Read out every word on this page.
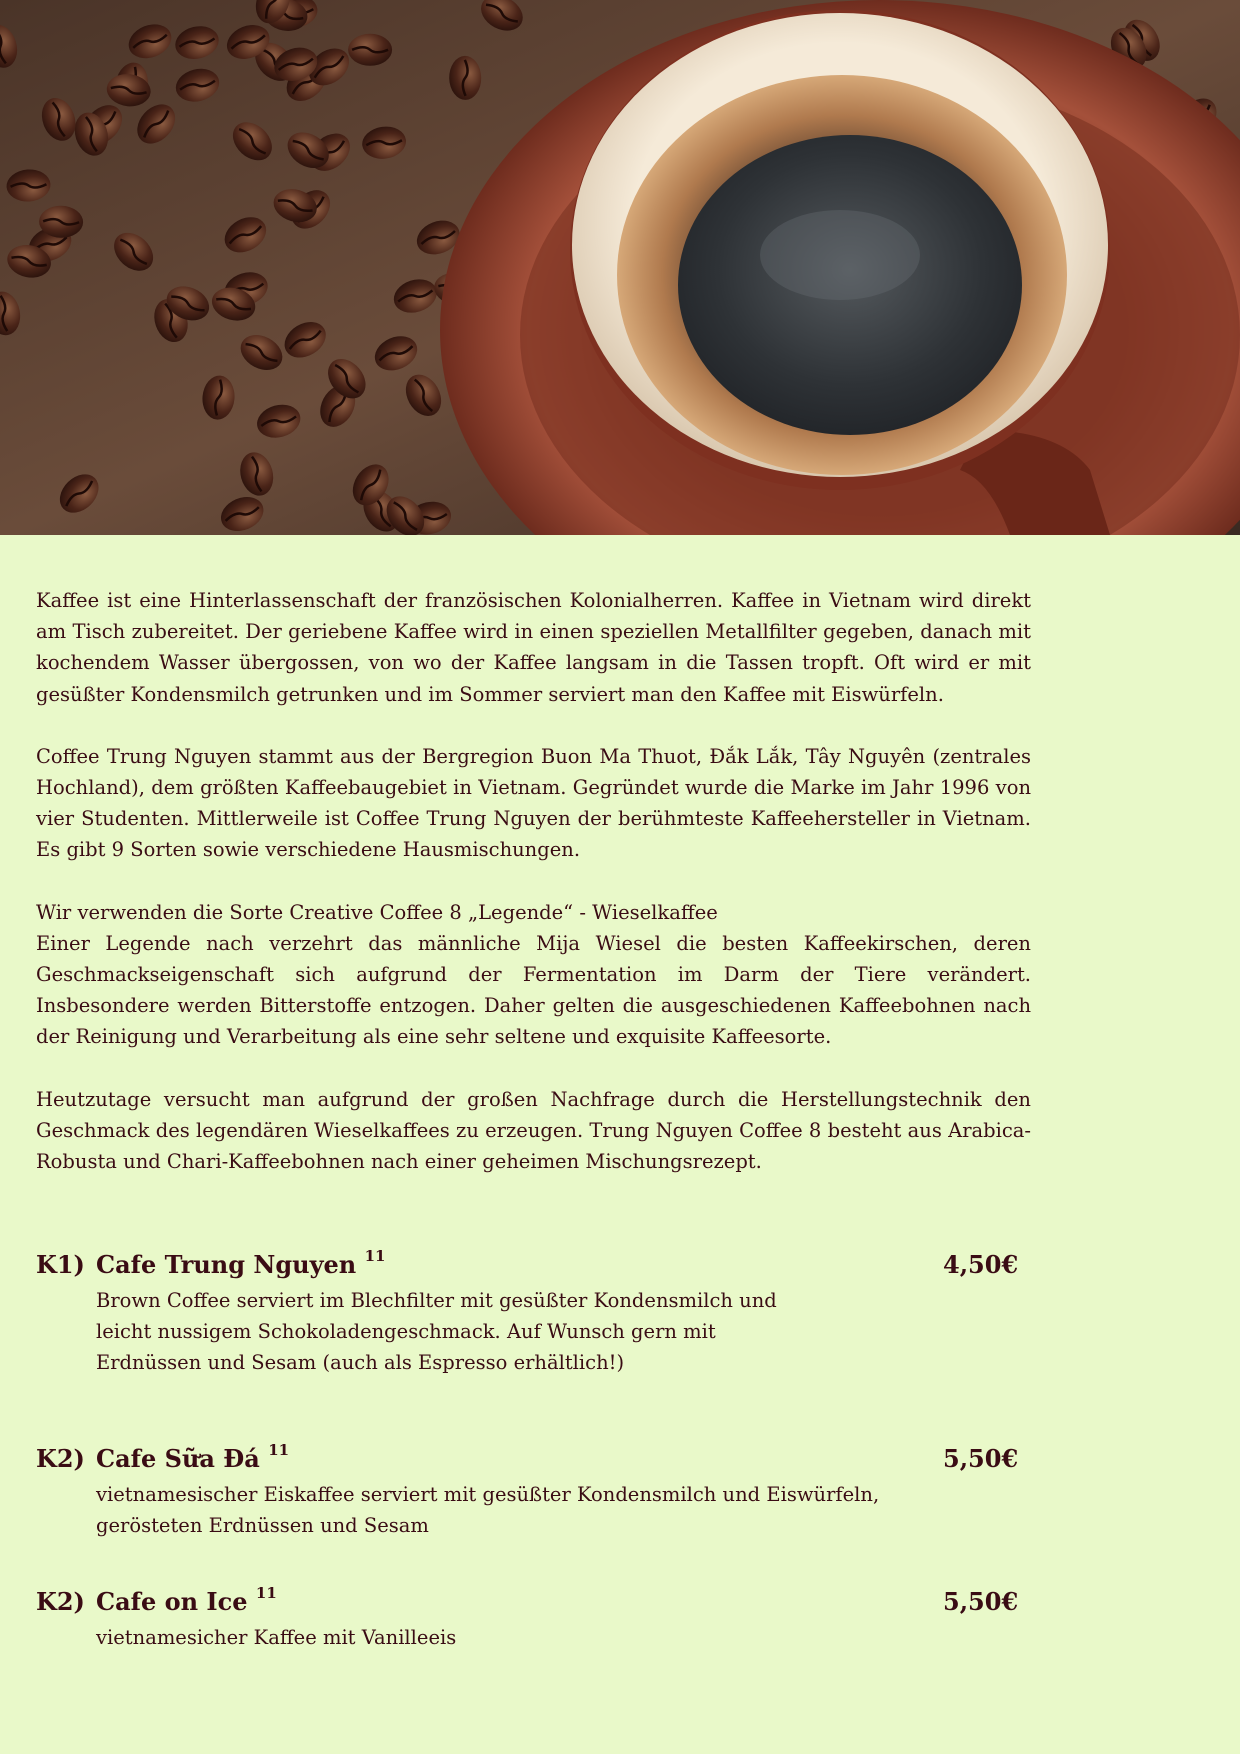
Kaffee ist eine Hinterlassenschaft der französischen Kolonialherren. Kaffee in Vietnam wird direkt am Tisch zubereitet. Der geriebene Kaffee wird in einen speziellen Metallfilter gegeben, danach mit kochendem Wasser übergossen, von wo der Kaffee langsam in die Tassen tropft. Oft wird er mit gesüßter Kondensmilch getrunken und im Sommer serviert man den Kaffee mit Eiswürfeln.

Coffee Trung Nguyen stammt aus der Bergregion Buon Ma Thuot, Đắk Lắk, Tây Nguyên (zentrales Hochland), dem größten Kaffeebaugebiet in Vietnam. Gegründet wurde die Marke im Jahr 1996 von vier Studenten. Mittlerweile ist Coffee Trung Nguyen der berühmteste Kaffeehersteller in Vietnam. Es gibt 9 Sorten sowie verschiedene Hausmischungen.

Wir verwenden die Sorte Creative Coffee 8 „Legende“ - Wieselkaffee
Einer Legende nach verzehrt das männliche Mija Wiesel die besten Kaffeekirschen, deren Geschmackseigenschaft sich aufgrund der Fermentation im Darm der Tiere verändert. Insbesondere werden Bitterstoffe entzogen. Daher gelten die ausgeschiedenen Kaffeebohnen nach der Reinigung und Verarbeitung als eine sehr seltene und exquisite Kaffeesorte.

Heutzutage versucht man aufgrund der großen Nachfrage durch die Herstellungstechnik den Geschmack des legendären Wieselkaffees zu erzeugen. Trung Nguyen Coffee 8 besteht aus Arabica-Robusta und Chari-Kaffeebohnen nach einer geheimen Mischungsrezept.

K1) Cafe Trung Nguyen $^{11}$	4,50€
Brown Coffee serviert im Blechfilter mit gesüßter Kondensmilch und
leicht nussigem Schokoladengeschmack. Auf Wunsch gern mit
Erdnüssen und Sesam (auch als Espresso erhältlich!)
K2) Cafe Sữa Đá $^{11}$	5,50€
vietnamesischer Eiskaffee serviert mit gesüßter Kondensmilch und Eiswürfeln,
gerösteten Erdnüssen und Sesam
K2) Cafe on Ice $^{11}$	5,50€
vietnamesicher Kaffee mit Vanilleeis
